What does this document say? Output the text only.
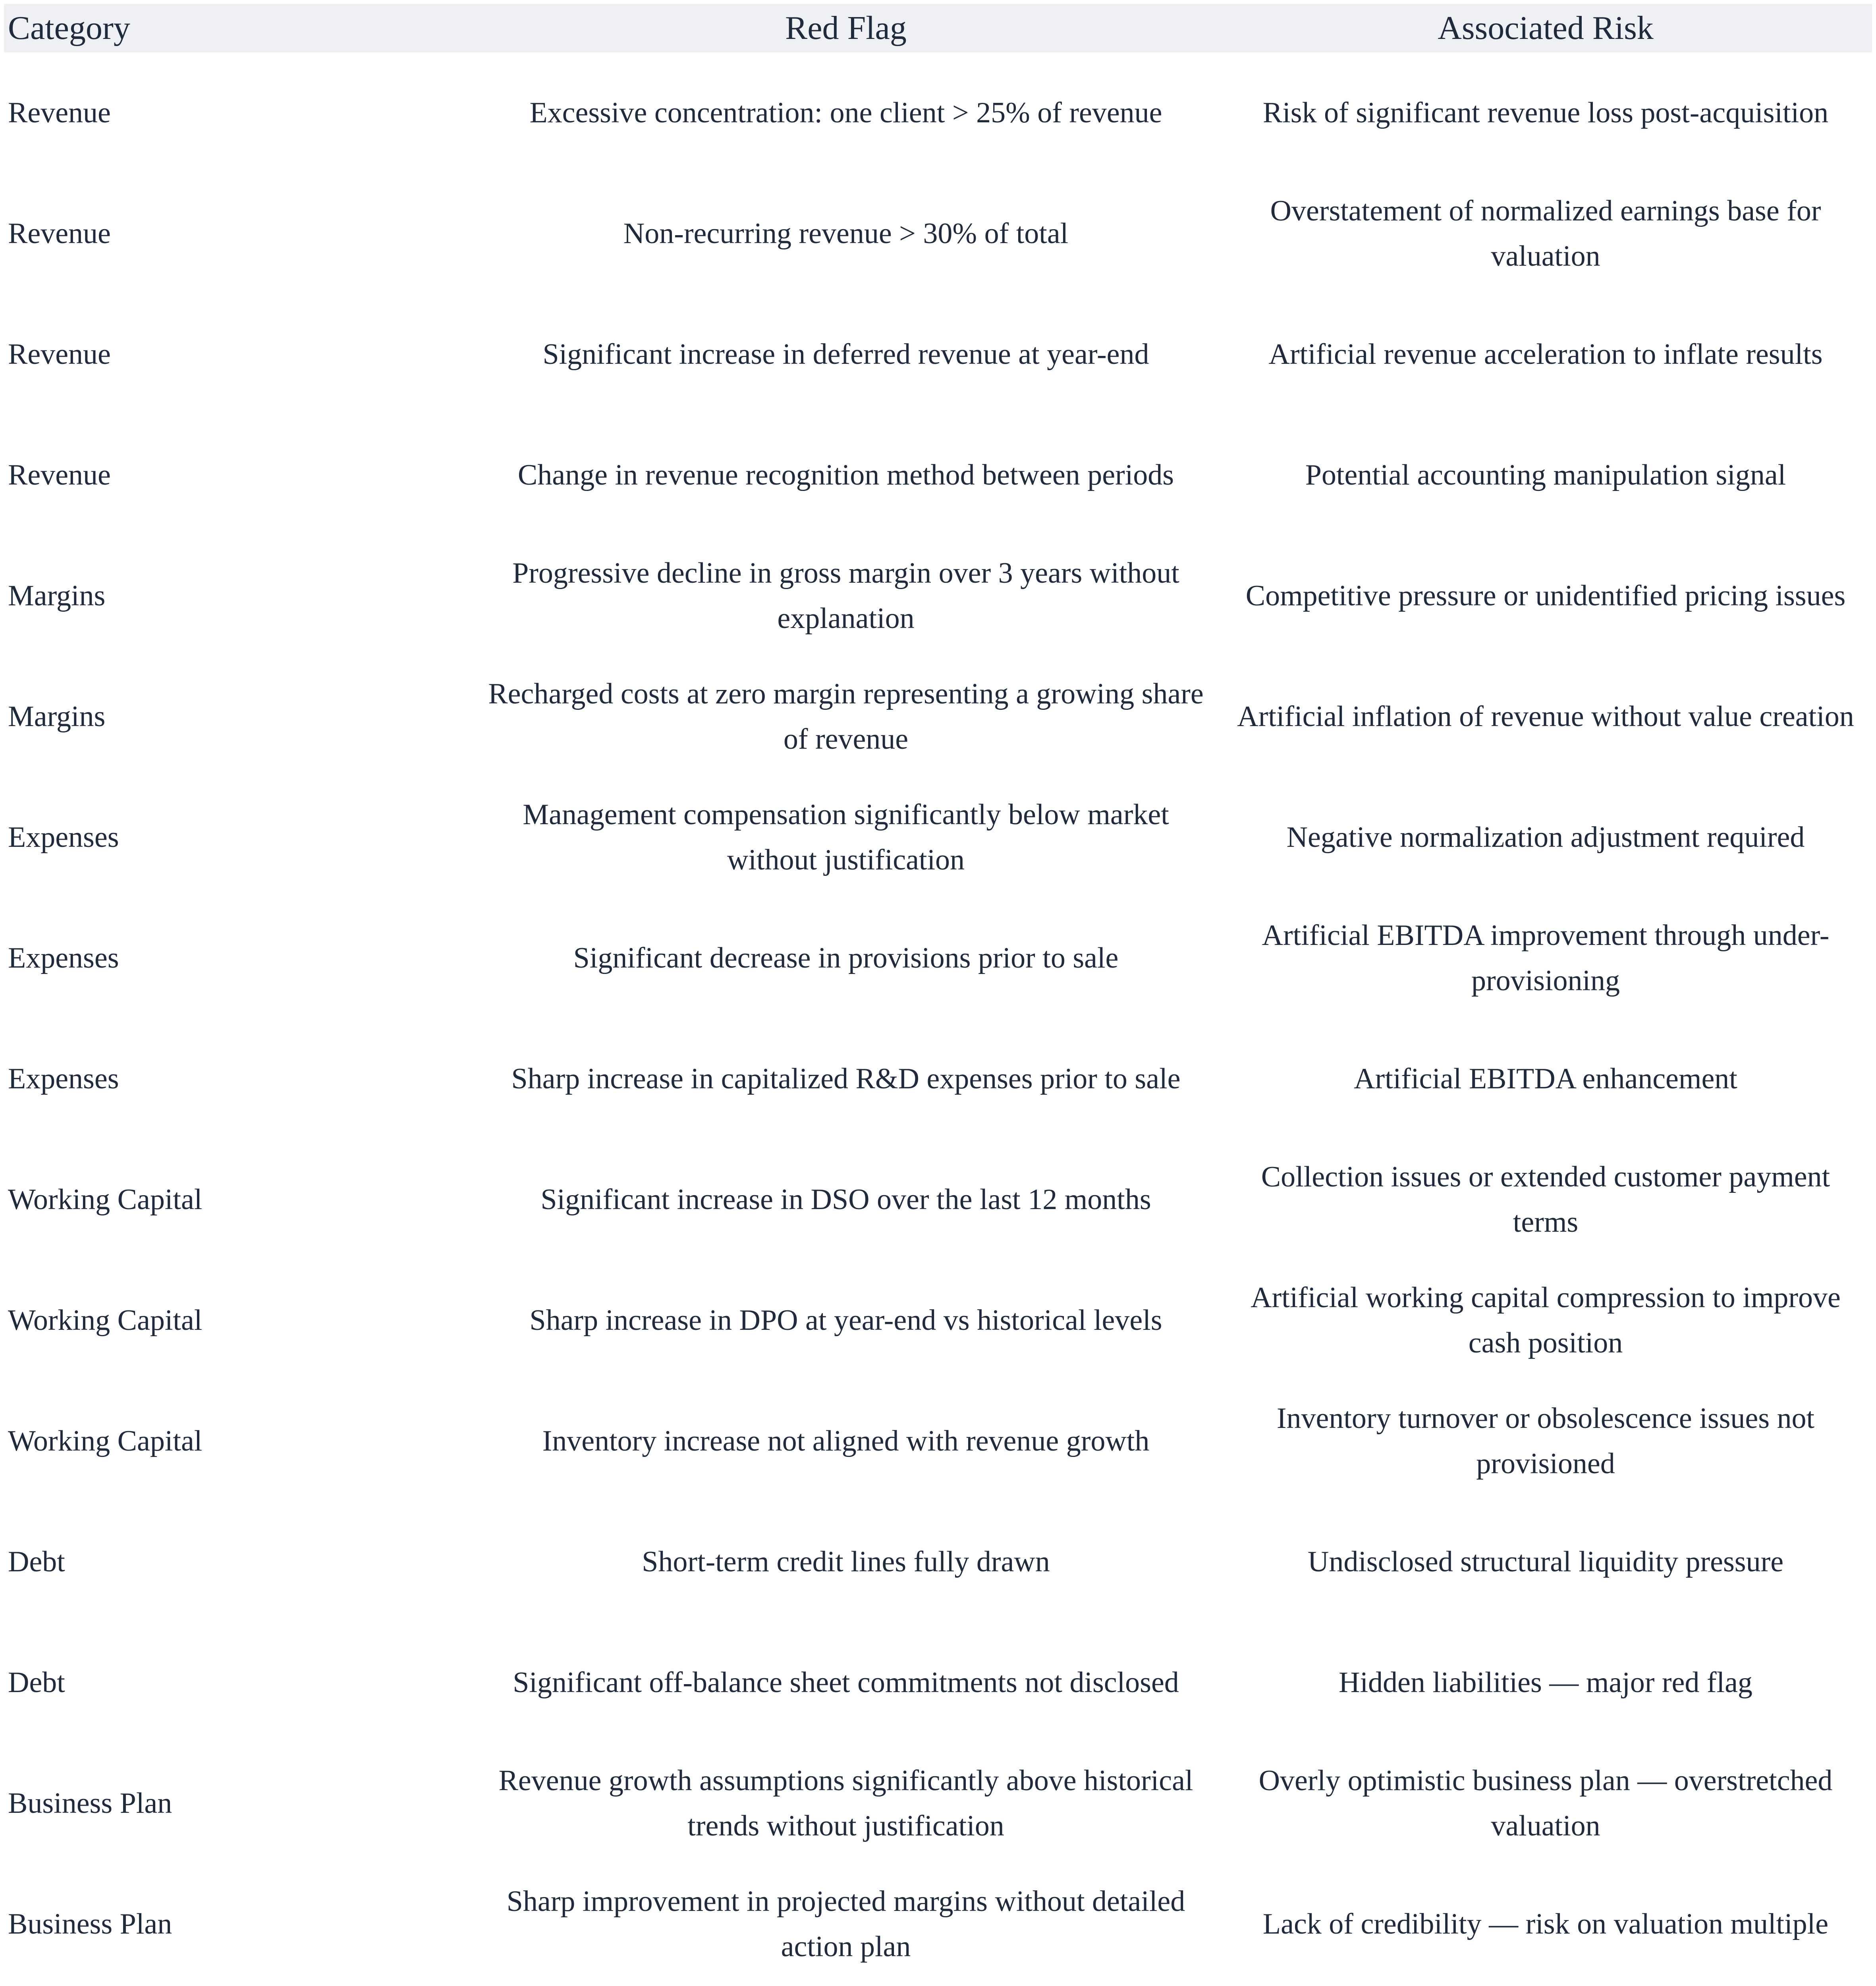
Category	Red Flag	Associated Risk
Revenue	Excessive concentration: one client > 25% of revenue	Risk of significant revenue loss post-acquisition
Revenue	Non-recurring revenue > 30% of total	Overstatement of normalized earnings base for valuation
Revenue	Significant increase in deferred revenue at year-end	Artificial revenue acceleration to inflate results
Revenue	Change in revenue recognition method between periods	Potential accounting manipulation signal
Margins	Progressive decline in gross margin over 3 years without explanation	Competitive pressure or unidentified pricing issues
Margins	Recharged costs at zero margin representing a growing share of revenue	Artificial inflation of revenue without value creation
Expenses	Management compensation significantly below market without justification	Negative normalization adjustment required
Expenses	Significant decrease in provisions prior to sale	Artificial EBITDA improvement through under-provisioning
Expenses	Sharp increase in capitalized R&D expenses prior to sale	Artificial EBITDA enhancement
Working Capital	Significant increase in DSO over the last 12 months	Collection issues or extended customer payment terms
Working Capital	Sharp increase in DPO at year-end vs historical levels	Artificial working capital compression to improve cash position
Working Capital	Inventory increase not aligned with revenue growth	Inventory turnover or obsolescence issues not provisioned
Debt	Short-term credit lines fully drawn	Undisclosed structural liquidity pressure
Debt	Significant off-balance sheet commitments not disclosed	Hidden liabilities — major red flag
Business Plan	Revenue growth assumptions significantly above historical trends without justification	Overly optimistic business plan — overstretched valuation
Business Plan	Sharp improvement in projected margins without detailed action plan	Lack of credibility — risk on valuation multiple
